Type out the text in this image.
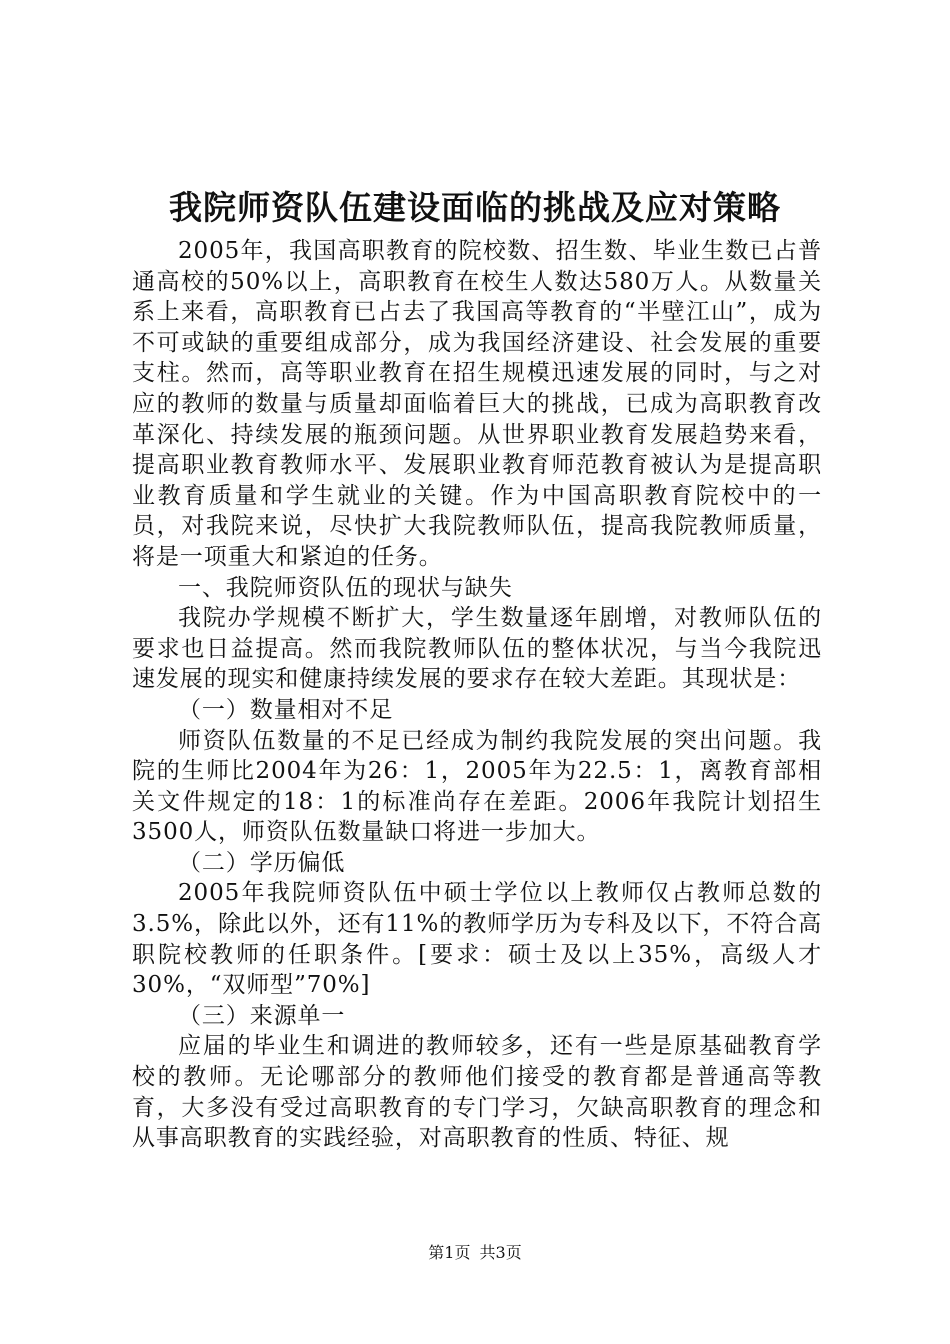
我院师资队伍建设面临的挑战及应对策略

2005年，我国高职教育的院校数、招生数、毕业生数已占普通高校的50%以上，高职教育在校生人数达580万人。从数量关系上来看，高职教育已占去了我国高等教育的“半壁江山”，成为不可或缺的重要组成部分，成为我国经济建设、社会发展的重要支柱。然而，高等职业教育在招生规模迅速发展的同时，与之对应的教师的数量与质量却面临着巨大的挑战，已成为高职教育改革深化、持续发展的瓶颈问题。从世界职业教育发展趋势来看，提高职业教育教师水平、发展职业教育师范教育被认为是提高职业教育质量和学生就业的关键。作为中国高职教育院校中的一员，对我院来说，尽快扩大我院教师队伍，提高我院教师质量，将是一项重大和紧迫的任务。

一、我院师资队伍的现状与缺失

我院办学规模不断扩大，学生数量逐年剧增，对教师队伍的要求也日益提高。然而我院教师队伍的整体状况，与当今我院迅速发展的现实和健康持续发展的要求存在较大差距。其现状是：

（一）数量相对不足

师资队伍数量的不足已经成为制约我院发展的突出问题。我院的生师比2004年为26：1，2005年为22.5：1，离教育部相关文件规定的18：1的标准尚存在差距。2006年我院计划招生3500人，师资队伍数量缺口将进一步加大。

（二）学历偏低

2005年我院师资队伍中硕士学位以上教师仅占教师总数的3.5%，除此以外，还有11%的教师学历为专科及以下，不符合高职院校教师的任职条件。[要求：硕士及以上35%，高级人才30%，“双师型”70%]

（三）来源单一

应届的毕业生和调进的教师较多，还有一些是原基础教育学校的教师。无论哪部分的教师他们接受的教育都是普通高等教育，大多没有受过高职教育的专门学习，欠缺高职教育的理念和从事高职教育的实践经验，对高职教育的性质、特征、规

第1页 共3页
